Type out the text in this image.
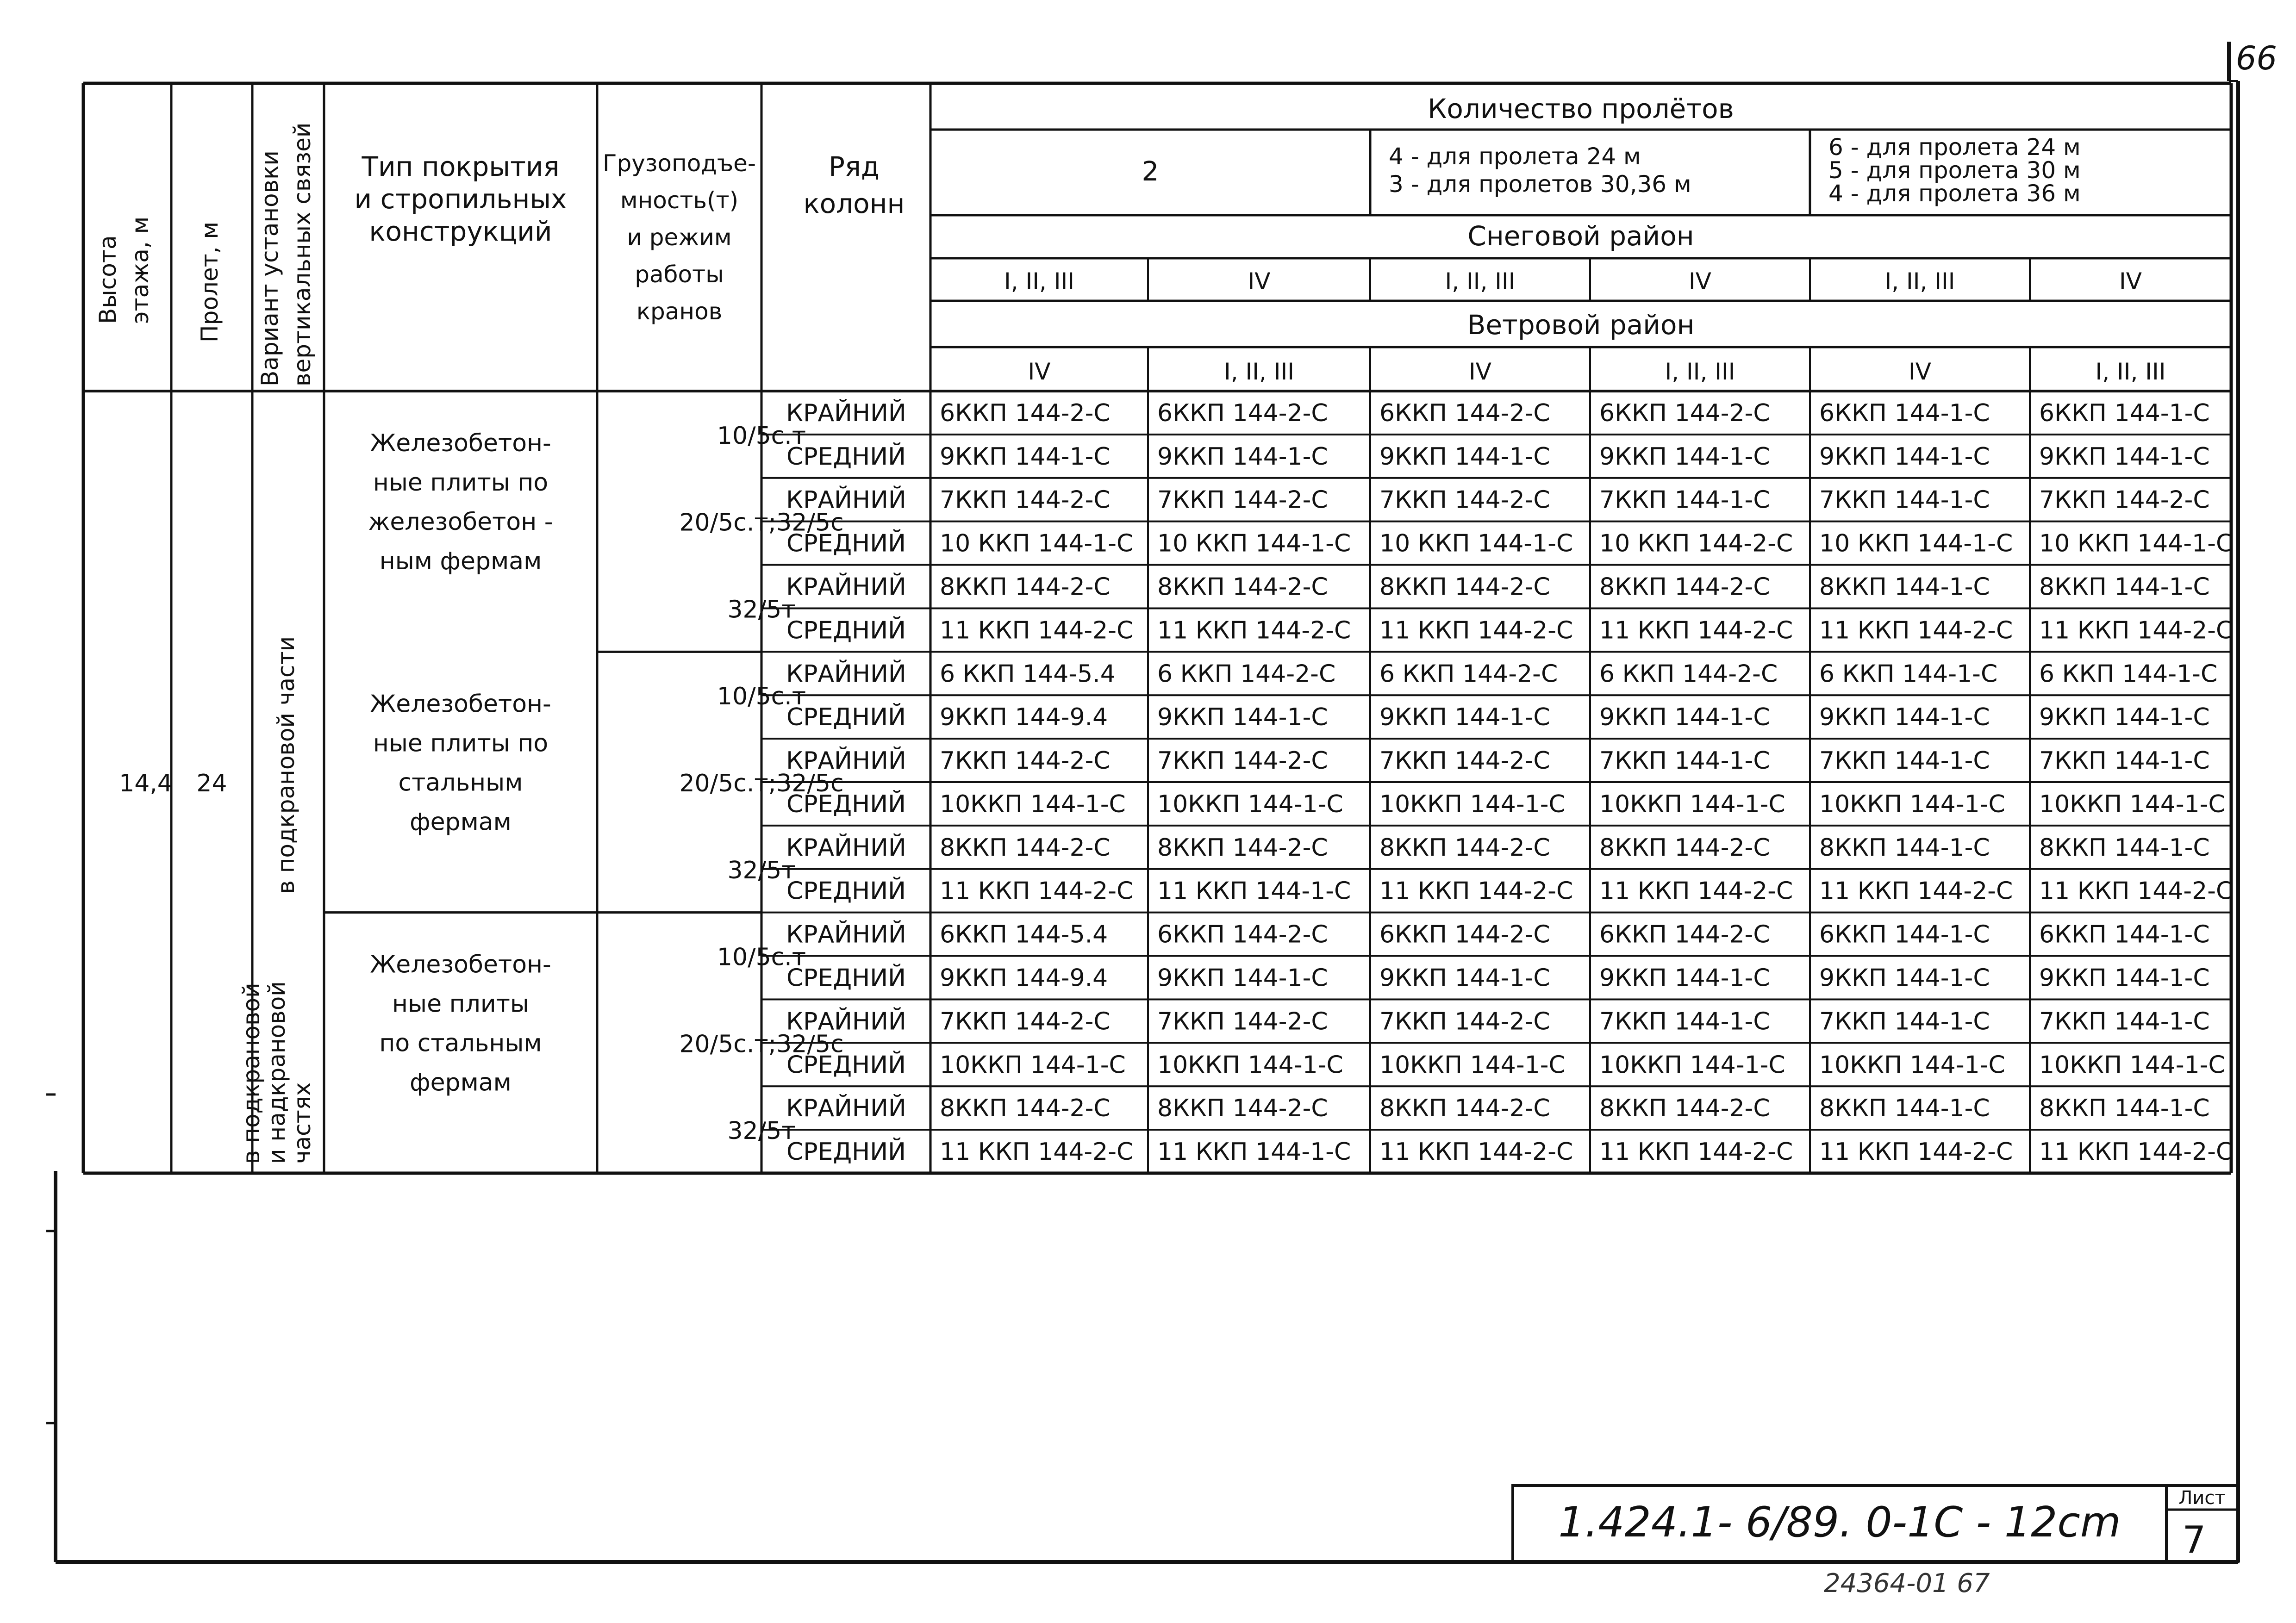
66
1.424.1- 6/89. 0-1C - 12cm	Лист
7
24364-01 67
Высота этажа, м Пролет, м Вариант установки вертикальных связей Тип покрытия
и стропильных
конструкций
Грузоподъе-
мность(т)
и режим
работы
кранов
Ряд
колонн
Количество пролётов
2	4 - для пролета 24 м
3 - для пролетов 30,36 м
6 - для пролета 24 м
5 - для пролета 30 м
4 - для пролета 36 м
Снеговой район
Ветровой район
I, II, III
IV
IV
I, II, III
I, II, III
IV
IV
I, II, III
I, II, III
IV
IV
I, II, III
14,4 24 в подкрановой части
в подкрановой
и надкрановой
частях
Железобетон-
ные плиты по
железобетон -
ным фермам
Железобетон-
ные плиты по
стальным
фермам
Железобетон-
ные плиты
по стальным
фермам
10/5с.т
20/5с.т;32/5с
32/5т
10/5с.т
20/5с.т;32/5с
32/5т
10/5с.т
20/5с.т;32/5с
32/5т
КРАЙНИЙ 6ККП 144-2-С 6ККП 144-2-С 6ККП 144-2-С 6ККП 144-2-С 6ККП 144-1-С 6ККП 144-1-С
СРЕДНИЙ 9ККП 144-1-С 9ККП 144-1-С 9ККП 144-1-С 9ККП 144-1-С 9ККП 144-1-С 9ККП 144-1-С
КРАЙНИЙ 7ККП 144-2-С 7ККП 144-2-С 7ККП 144-2-С 7ККП 144-1-С 7ККП 144-1-С 7ККП 144-2-С
СРЕДНИЙ 10 ККП 144-1-С 10 ККП 144-1-С 10 ККП 144-1-С 10 ККП 144-2-С 10 ККП 144-1-С 10 ККП 144-1-С
КРАЙНИЙ 8ККП 144-2-С 8ККП 144-2-С 8ККП 144-2-С 8ККП 144-2-С 8ККП 144-1-С 8ККП 144-1-С
СРЕДНИЙ 11 ККП 144-2-С 11 ККП 144-2-С 11 ККП 144-2-С 11 ККП 144-2-С 11 ККП 144-2-С 11 ККП 144-2-С
КРАЙНИЙ 6 ККП 144-5.4 6 ККП 144-2-С 6 ККП 144-2-С 6 ККП 144-2-С 6 ККП 144-1-С 6 ККП 144-1-С
СРЕДНИЙ 9ККП 144-9.4 9ККП 144-1-С 9ККП 144-1-С 9ККП 144-1-С 9ККП 144-1-С 9ККП 144-1-С
КРАЙНИЙ 7ККП 144-2-С 7ККП 144-2-С 7ККП 144-2-С 7ККП 144-1-С 7ККП 144-1-С 7ККП 144-1-С
СРЕДНИЙ 10ККП 144-1-С 10ККП 144-1-С 10ККП 144-1-С 10ККП 144-1-С 10ККП 144-1-С 10ККП 144-1-С
КРАЙНИЙ 8ККП 144-2-С 8ККП 144-2-С 8ККП 144-2-С 8ККП 144-2-С 8ККП 144-1-С 8ККП 144-1-С
СРЕДНИЙ 11 ККП 144-2-С 11 ККП 144-1-С 11 ККП 144-2-С 11 ККП 144-2-С 11 ККП 144-2-С 11 ККП 144-2-С
КРАЙНИЙ 6ККП 144-5.4 6ККП 144-2-С 6ККП 144-2-С 6ККП 144-2-С 6ККП 144-1-С 6ККП 144-1-С
СРЕДНИЙ 9ККП 144-9.4 9ККП 144-1-С 9ККП 144-1-С 9ККП 144-1-С 9ККП 144-1-С 9ККП 144-1-С
КРАЙНИЙ 7ККП 144-2-С 7ККП 144-2-С 7ККП 144-2-С 7ККП 144-1-С 7ККП 144-1-С 7ККП 144-1-С
СРЕДНИЙ 10ККП 144-1-С 10ККП 144-1-С 10ККП 144-1-С 10ККП 144-1-С 10ККП 144-1-С 10ККП 144-1-С
КРАЙНИЙ 8ККП 144-2-С 8ККП 144-2-С 8ККП 144-2-С 8ККП 144-2-С 8ККП 144-1-С 8ККП 144-1-С
СРЕДНИЙ 11 ККП 144-2-С 11 ККП 144-1-С 11 ККП 144-2-С 11 ККП 144-2-С 11 ККП 144-2-С 11 ККП 144-2-С
